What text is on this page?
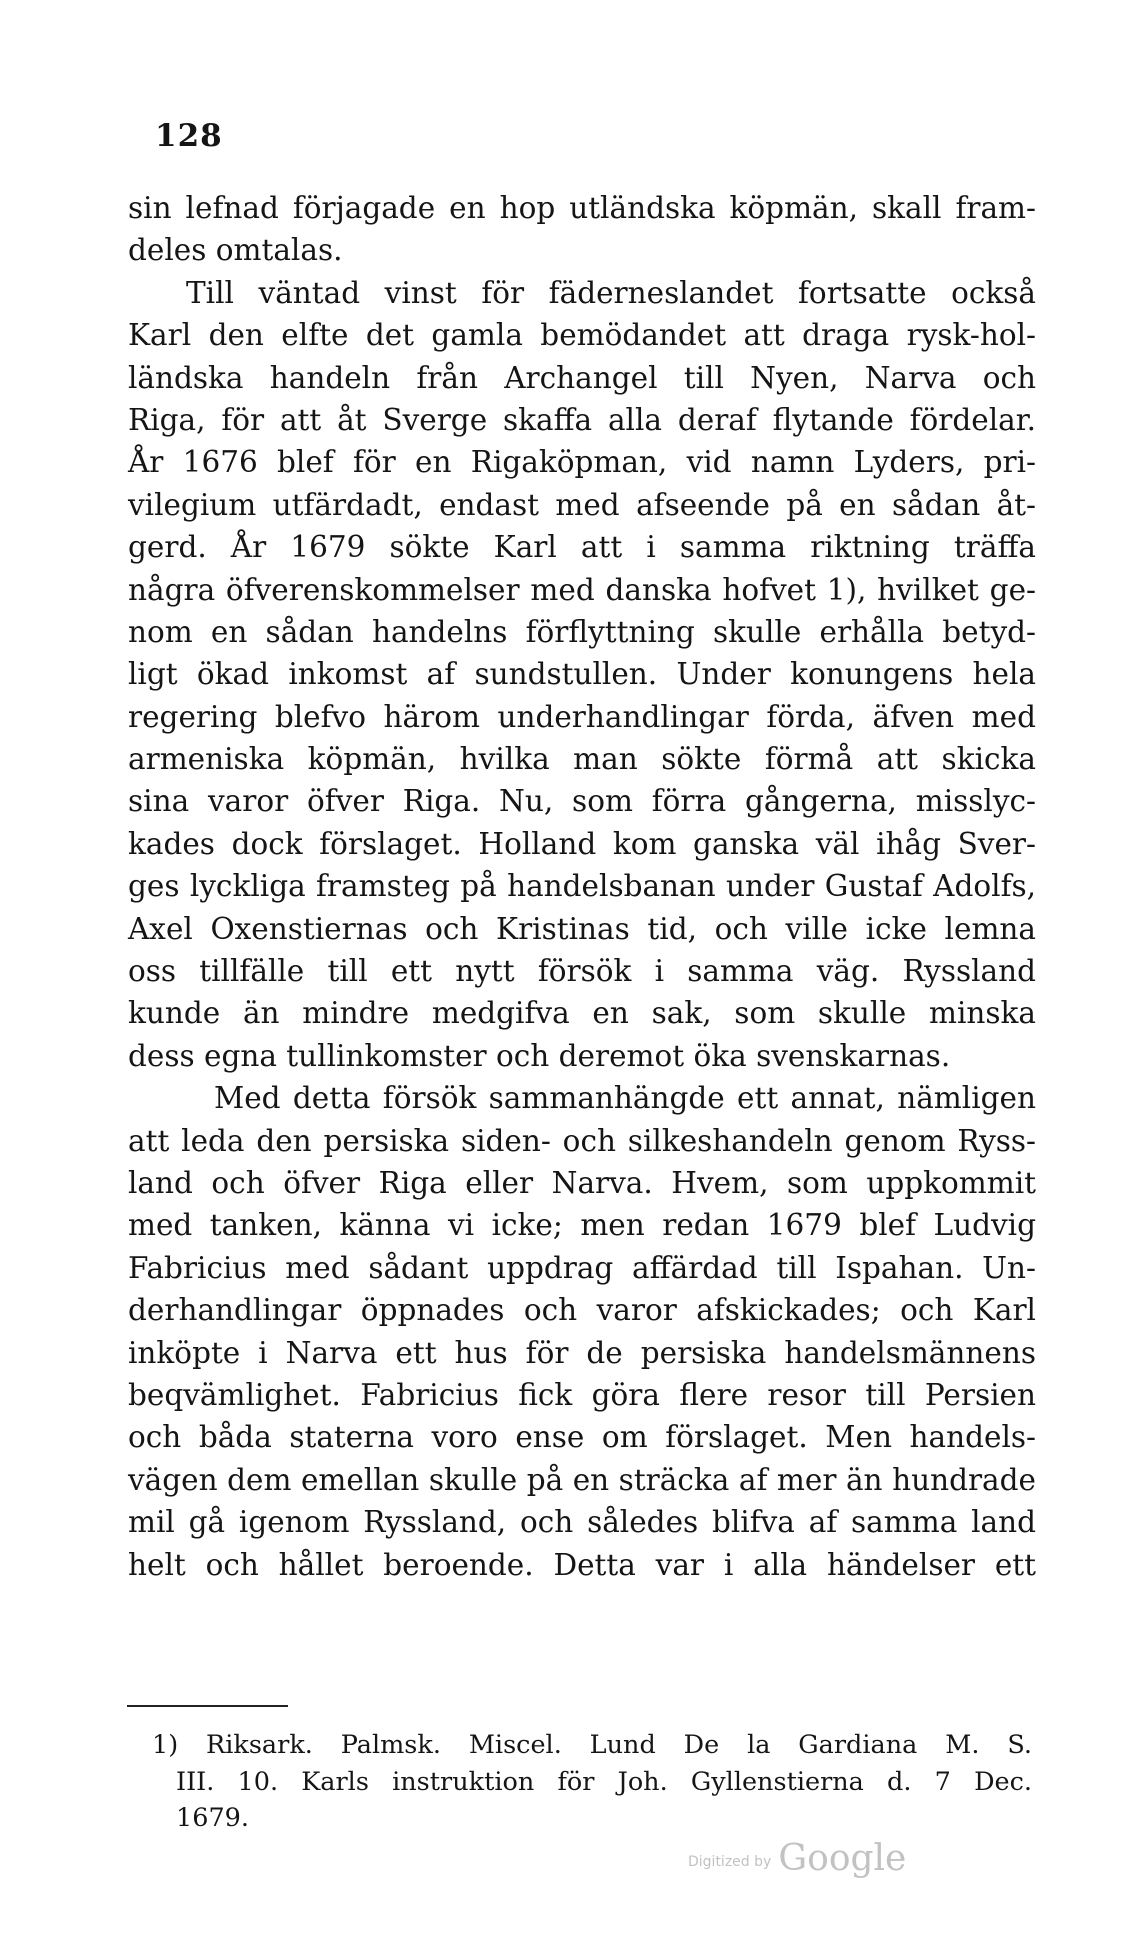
128
sin lefnad förjagade en hop utländska köpmän, skall fram-
deles omtalas.
Till väntad vinst för fäderneslandet fortsatte också
Karl den elfte det gamla bemödandet att draga rysk-hol-
ländska handeln från Archangel till Nyen, Narva och
Riga, för att åt Sverge skaffa alla deraf flytande fördelar.
År 1676 blef för en Rigaköpman, vid namn Lyders, pri-
vilegium utfärdadt, endast med afseende på en sådan åt-
gerd. År 1679 sökte Karl att i samma riktning träffa
några öfverenskommelser med danska hofvet 1), hvilket ge-
nom en sådan handelns förflyttning skulle erhålla betyd-
ligt ökad inkomst af sundstullen. Under konungens hela
regering blefvo härom underhandlingar förda, äfven med
armeniska köpmän, hvilka man sökte förmå att skicka
sina varor öfver Riga. Nu, som förra gångerna, misslyc-
kades dock förslaget. Holland kom ganska väl ihåg Sver-
ges lyckliga framsteg på handelsbanan under Gustaf Adolfs,
Axel Oxenstiernas och Kristinas tid, och ville icke lemna
oss tillfälle till ett nytt försök i samma väg. Ryssland
kunde än mindre medgifva en sak, som skulle minska
dess egna tullinkomster och deremot öka svenskarnas.
Med detta försök sammanhängde ett annat, nämligen
att leda den persiska siden- och silkeshandeln genom Ryss-
land och öfver Riga eller Narva. Hvem, som uppkommit
med tanken, känna vi icke; men redan 1679 blef Ludvig
Fabricius med sådant uppdrag affärdad till Ispahan. Un-
derhandlingar öppnades och varor afskickades; och Karl
inköpte i Narva ett hus för de persiska handelsmännens
beqvämlighet. Fabricius fick göra flere resor till Persien
och båda staterna voro ense om förslaget. Men handels-
vägen dem emellan skulle på en sträcka af mer än hundrade
mil gå igenom Ryssland, och således blifva af samma land
helt och hållet beroende. Detta var i alla händelser ett
1) Riksark. Palmsk. Miscel. Lund De la Gardiana M. S.
III. 10. Karls instruktion för Joh. Gyllenstierna d. 7 Dec.
1679.
Digitized by Google
